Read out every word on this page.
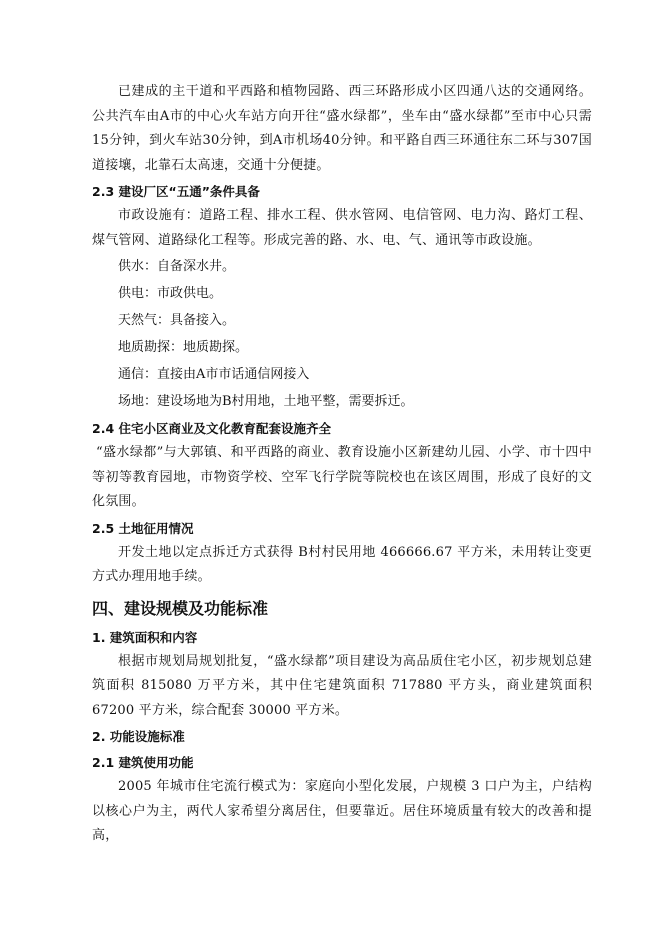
已建成的主干道和平西路和植物园路、西三环路形成小区四通八达的交通网络。公共汽车由A市的中心火车站方向开往“盛水绿都”，坐车由“盛水绿都”至市中心只需15分钟，到火车站30分钟，到A市机场40分钟。和平路自西三环通往东二环与307国道接壤，北靠石太高速，交通十分便捷。

2.3 建设厂区“五通”条件具备

市政设施有：道路工程、排水工程、供水管网、电信管网、电力沟、路灯工程、煤气管网、道路绿化工程等。形成完善的路、水、电、气、通讯等市政设施。

供水：自备深水井。
供电：市政供电。
天然气：具备接入。
地质勘探：地质勘探。
通信：直接由A市市话通信网接入
场地：建设场地为B村用地，土地平整，需要拆迁。
2.4 住宅小区商业及文化教育配套设施齐全

“盛水绿都”与大郭镇、和平西路的商业、教育设施小区新建幼儿园、小学、市十四中等初等教育园地，市物资学校、空军飞行学院等院校也在该区周围，形成了良好的文化氛围。

2.5 土地征用情况

开发土地以定点拆迁方式获得 B村村民用地 466666.67 平方米，未用转让变更方式办理用地手续。

四、建设规模及功能标准
1. 建筑面积和内容

根据市规划局规划批复，“盛水绿都”项目建设为高品质住宅小区，初步规划总建筑面积 815080 万平方米，其中住宅建筑面积 717880 平方头，商业建筑面积 67200 平方米，综合配套 30000 平方米。

2. 功能设施标准
2.1 建筑使用功能

2005 年城市住宅流行模式为：家庭向小型化发展，户规模 3 口户为主，户结构以核心户为主，两代人家希望分离居住，但要靠近。居住环境质量有较大的改善和提高，
